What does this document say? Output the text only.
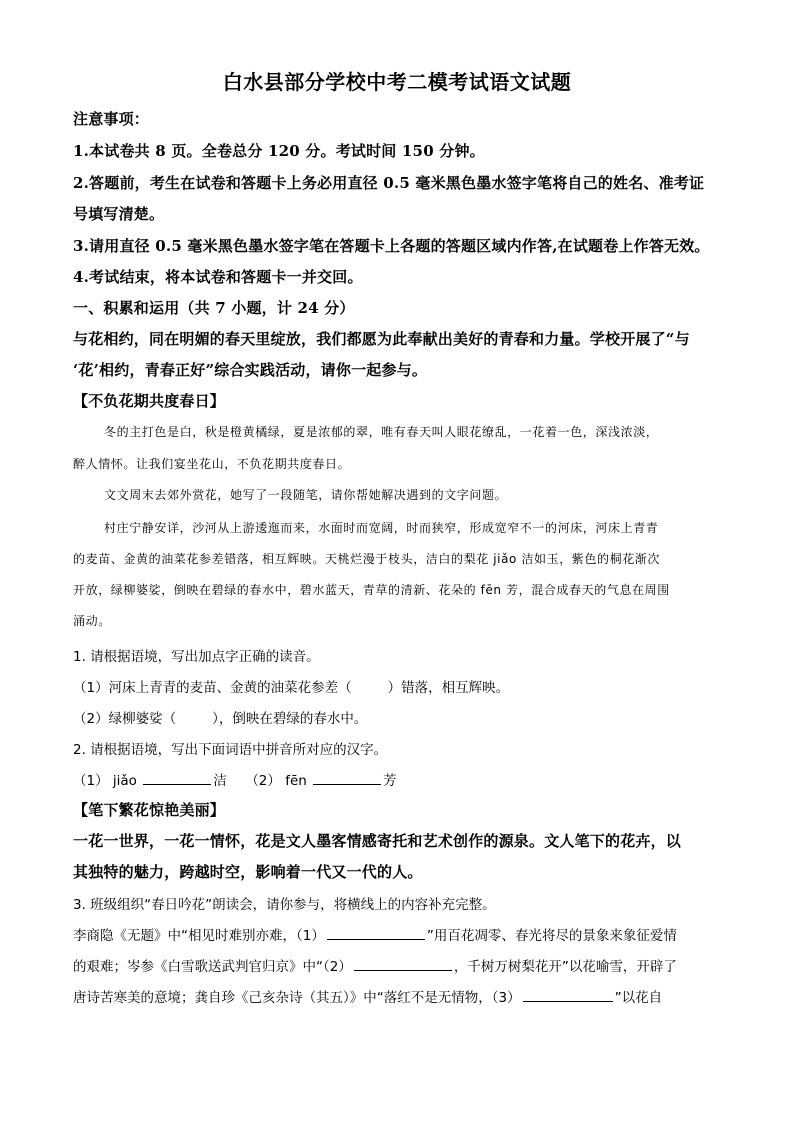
白水县部分学校中考二模考试语文试题
注意事项：
1.本试卷共 8 页。全卷总分 120 分。考试时间 150 分钟。
2.答题前，考生在试卷和答题卡上务必用直径 0.5 毫米黑色墨水签字笔将自己的姓名、准考证
号填写清楚。
3.请用直径 0.5 毫米黑色墨水签字笔在答题卡上各题的答题区域内作答,在试题卷上作答无效。
4.考试结束，将本试卷和答题卡一并交回。
一、积累和运用（共 7 小题，计 24 分）
与花相约，同在明媚的春天里绽放，我们都愿为此奉献出美好的青春和力量。学校开展了“与
‘花’相约，青春正好”综合实践活动，请你一起参与。
【不负花期共度春日】
冬的主打色是白，秋是橙黄橘绿，夏是浓郁的翠，唯有春天叫人眼花缭乱，一花着一色，深浅浓淡，
醉人情怀。让我们宴坐花山，不负花期共度春日。
文文周末去郊外赏花，她写了一段随笔，请你帮她解决遇到的文字问题。
村庄宁静安详，沙河从上游逶迤而来，水面时而宽阔，时而狭窄，形成宽窄不一的河床，河床上青青
的麦苗、金黄的油菜花参差错落，相互辉映。天桃烂漫于枝头，洁白的梨花 jiǎo 洁如玉，紫色的桐花渐次
开放，绿柳婆娑，倒映在碧绿的春水中，碧水蓝天，青草的清新、花朵的 fēn 芳，混合成春天的气息在周围
涌动。
1. 请根据语境，写出加点字正确的读音。
（1）河床上青青的麦苗、金黄的油菜花参差（	）错落，相互辉映。
（2）绿柳婆娑（	），倒映在碧绿的春水中。
2. 请根据语境，写出下面词语中拼音所对应的汉字。
（1） jiǎo	洁 （2） fēn	芳
【笔下繁花惊艳美丽】
一花一世界，一花一情怀，花是文人墨客情感寄托和艺术创作的源泉。文人笔下的花卉，以
其独特的魅力，跨越时空，影响着一代又一代的人。
3. 班级组织“春日吟花”朗读会，请你参与，将横线上的内容补充完整。
李商隐《无题》中“相见时难别亦难，（1）	”用百花凋零、春光将尽的景象来象征爱情
的艰难；岑参《白雪歌送武判官归京》中“（2）	，千树万树梨花开”以花喻雪，开辟了
唐诗苦寒美的意境；龚自珍《己亥杂诗（其五）》中“落红不是无情物，（3）	”以花自
